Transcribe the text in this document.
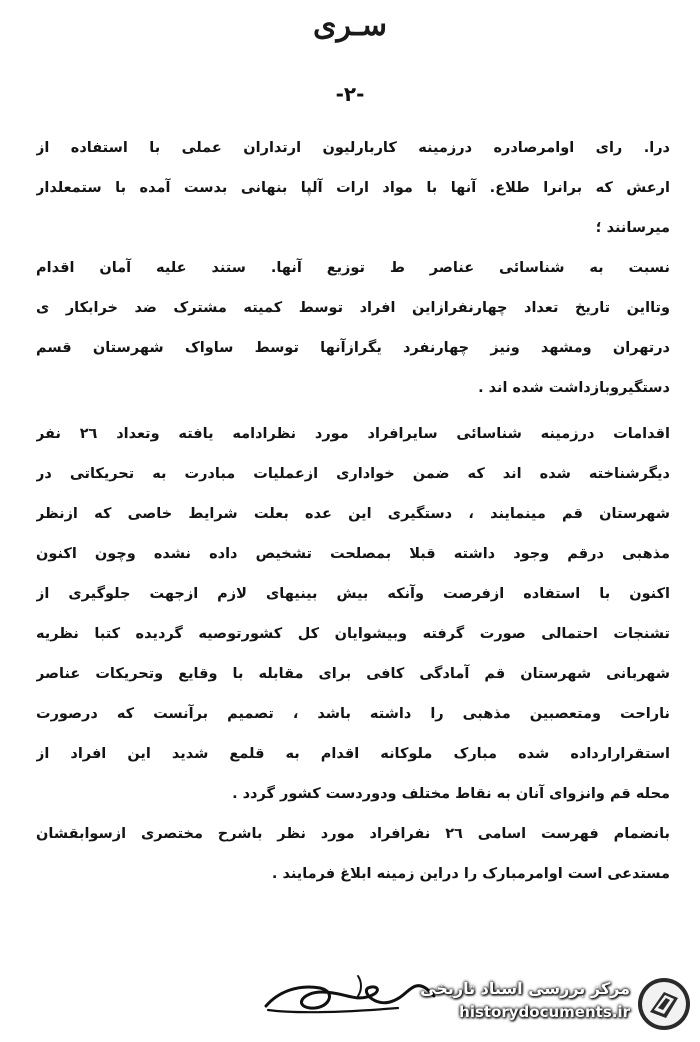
سـری
-٢-
درا. رای اوامرصادره درزمینه کاربارلیون ارتداران عملی با استفاده از
ارعش که برانرا طلاع. آنها با مواد ارات آلپا بنهانی بدست آمده با ستمعلدار
میرسانند ؛
نسبت به شناسائی عناصر ط توزیع آنها. ستند علیه آمان اقدام
وتااین تاریخ تعداد چهارنفرازاین افراد توسط کمیته مشترک ضد خرابکار ی
درتهران ومشهد ونیز چهارنفرد یگرازآنها توسط ساواک شهرستان قسم
دستگیروبازداشت شده اند .
اقدامات درزمینه شناسائی سایرافراد مورد نظرادامه یافته وتعداد ٢٦ نفر
دیگرشناخته شده اند که ضمن خواداری ازعملیات مبادرت به تحریکاتی در
شهرستان قم مینمایند ، دستگیری این عده بعلت شرایط خاصی که ازنظر
مذهبی درقم وجود داشته قبلا بمصلحت تشخیص داده نشده وچون اکنون
اکنون با استفاده ازفرصت وآنکه بیش بینیهای لازم ازجهت جلوگیری از
تشنجات احتمالی صورت گرفته وبیشوایان کل کشورتوصیه گردیده کتبا نظریه
شهربانی شهرستان قم آمادگی کافی برای مقابله با وقایع وتحریکات عناصر
ناراحت ومتعصبین مذهبی را داشته باشد ، تصمیم برآنست که درصورت
استقرارارداده شده مبارک ملوکانه اقدام به قلمع شدید این افراد از
محله قم وانزوای آنان به نقاط مختلف ودوردست کشور گردد .
بانضمام فهرست اسامی ٢٦ نفرافراد مورد نظر باشرح مختصری ازسوابقشان
مستدعی است اوامرمبارک را دراین زمینه ابلاغ فرمایند .
مرکز بررسی اسناد تاریخی
historydocuments.ir
